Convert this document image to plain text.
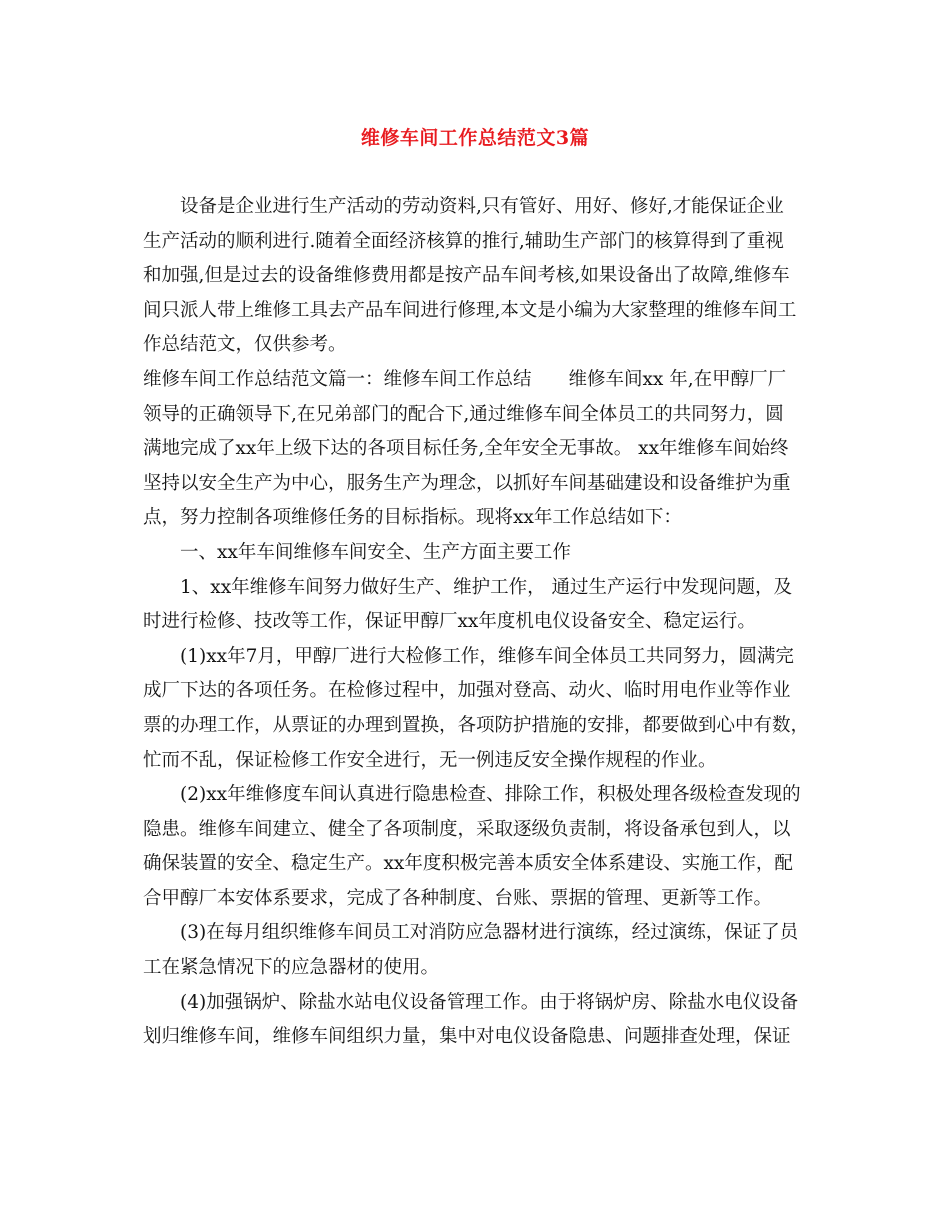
维修车间工作总结范文3篇
设备是企业进行生产活动的劳动资料,只有管好、用好、修好,才能保证企业
生产活动的顺利进行.随着全面经济核算的推行,辅助生产部门的核算得到了重视
和加强,但是过去的设备维修费用都是按产品车间考核,如果设备出了故障,维修车
间只派人带上维修工具去产品车间进行修理,本文是小编为大家整理的维修车间工
作总结范文，仅供参考。
维修车间工作总结范文篇一：维修车间工作总结　　维修车间xx 年,在甲醇厂厂
领导的正确领导下,在兄弟部门的配合下,通过维修车间全体员工的共同努力，圆
满地完成了xx年上级下达的各项目标任务,全年安全无事故。 xx年维修车间始终
坚持以安全生产为中心，服务生产为理念，以抓好车间基础建设和设备维护为重
点，努力控制各项维修任务的目标指标。现将xx年工作总结如下：
一、xx年车间维修车间安全、生产方面主要工作
1、xx年维修车间努力做好生产、维护工作， 通过生产运行中发现问题，及
时进行检修、技改等工作，保证甲醇厂xx年度机电仪设备安全、稳定运行。
(1)xx年7月，甲醇厂进行大检修工作，维修车间全体员工共同努力，圆满完
成厂下达的各项任务。在检修过程中，加强对登高、动火、临时用电作业等作业
票的办理工作，从票证的办理到置换，各项防护措施的安排，都要做到心中有数，
忙而不乱，保证检修工作安全进行，无一例违反安全操作规程的作业。
(2)xx年维修度车间认真进行隐患检查、排除工作，积极处理各级检查发现的
隐患。维修车间建立、健全了各项制度，采取逐级负责制，将设备承包到人，以
确保装置的安全、稳定生产。xx年度积极完善本质安全体系建设、实施工作，配
合甲醇厂本安体系要求，完成了各种制度、台账、票据的管理、更新等工作。
(3)在每月组织维修车间员工对消防应急器材进行演练，经过演练，保证了员
工在紧急情况下的应急器材的使用。
(4)加强锅炉、除盐水站电仪设备管理工作。由于将锅炉房、除盐水电仪设备
划归维修车间，维修车间组织力量，集中对电仪设备隐患、问题排查处理，保证
